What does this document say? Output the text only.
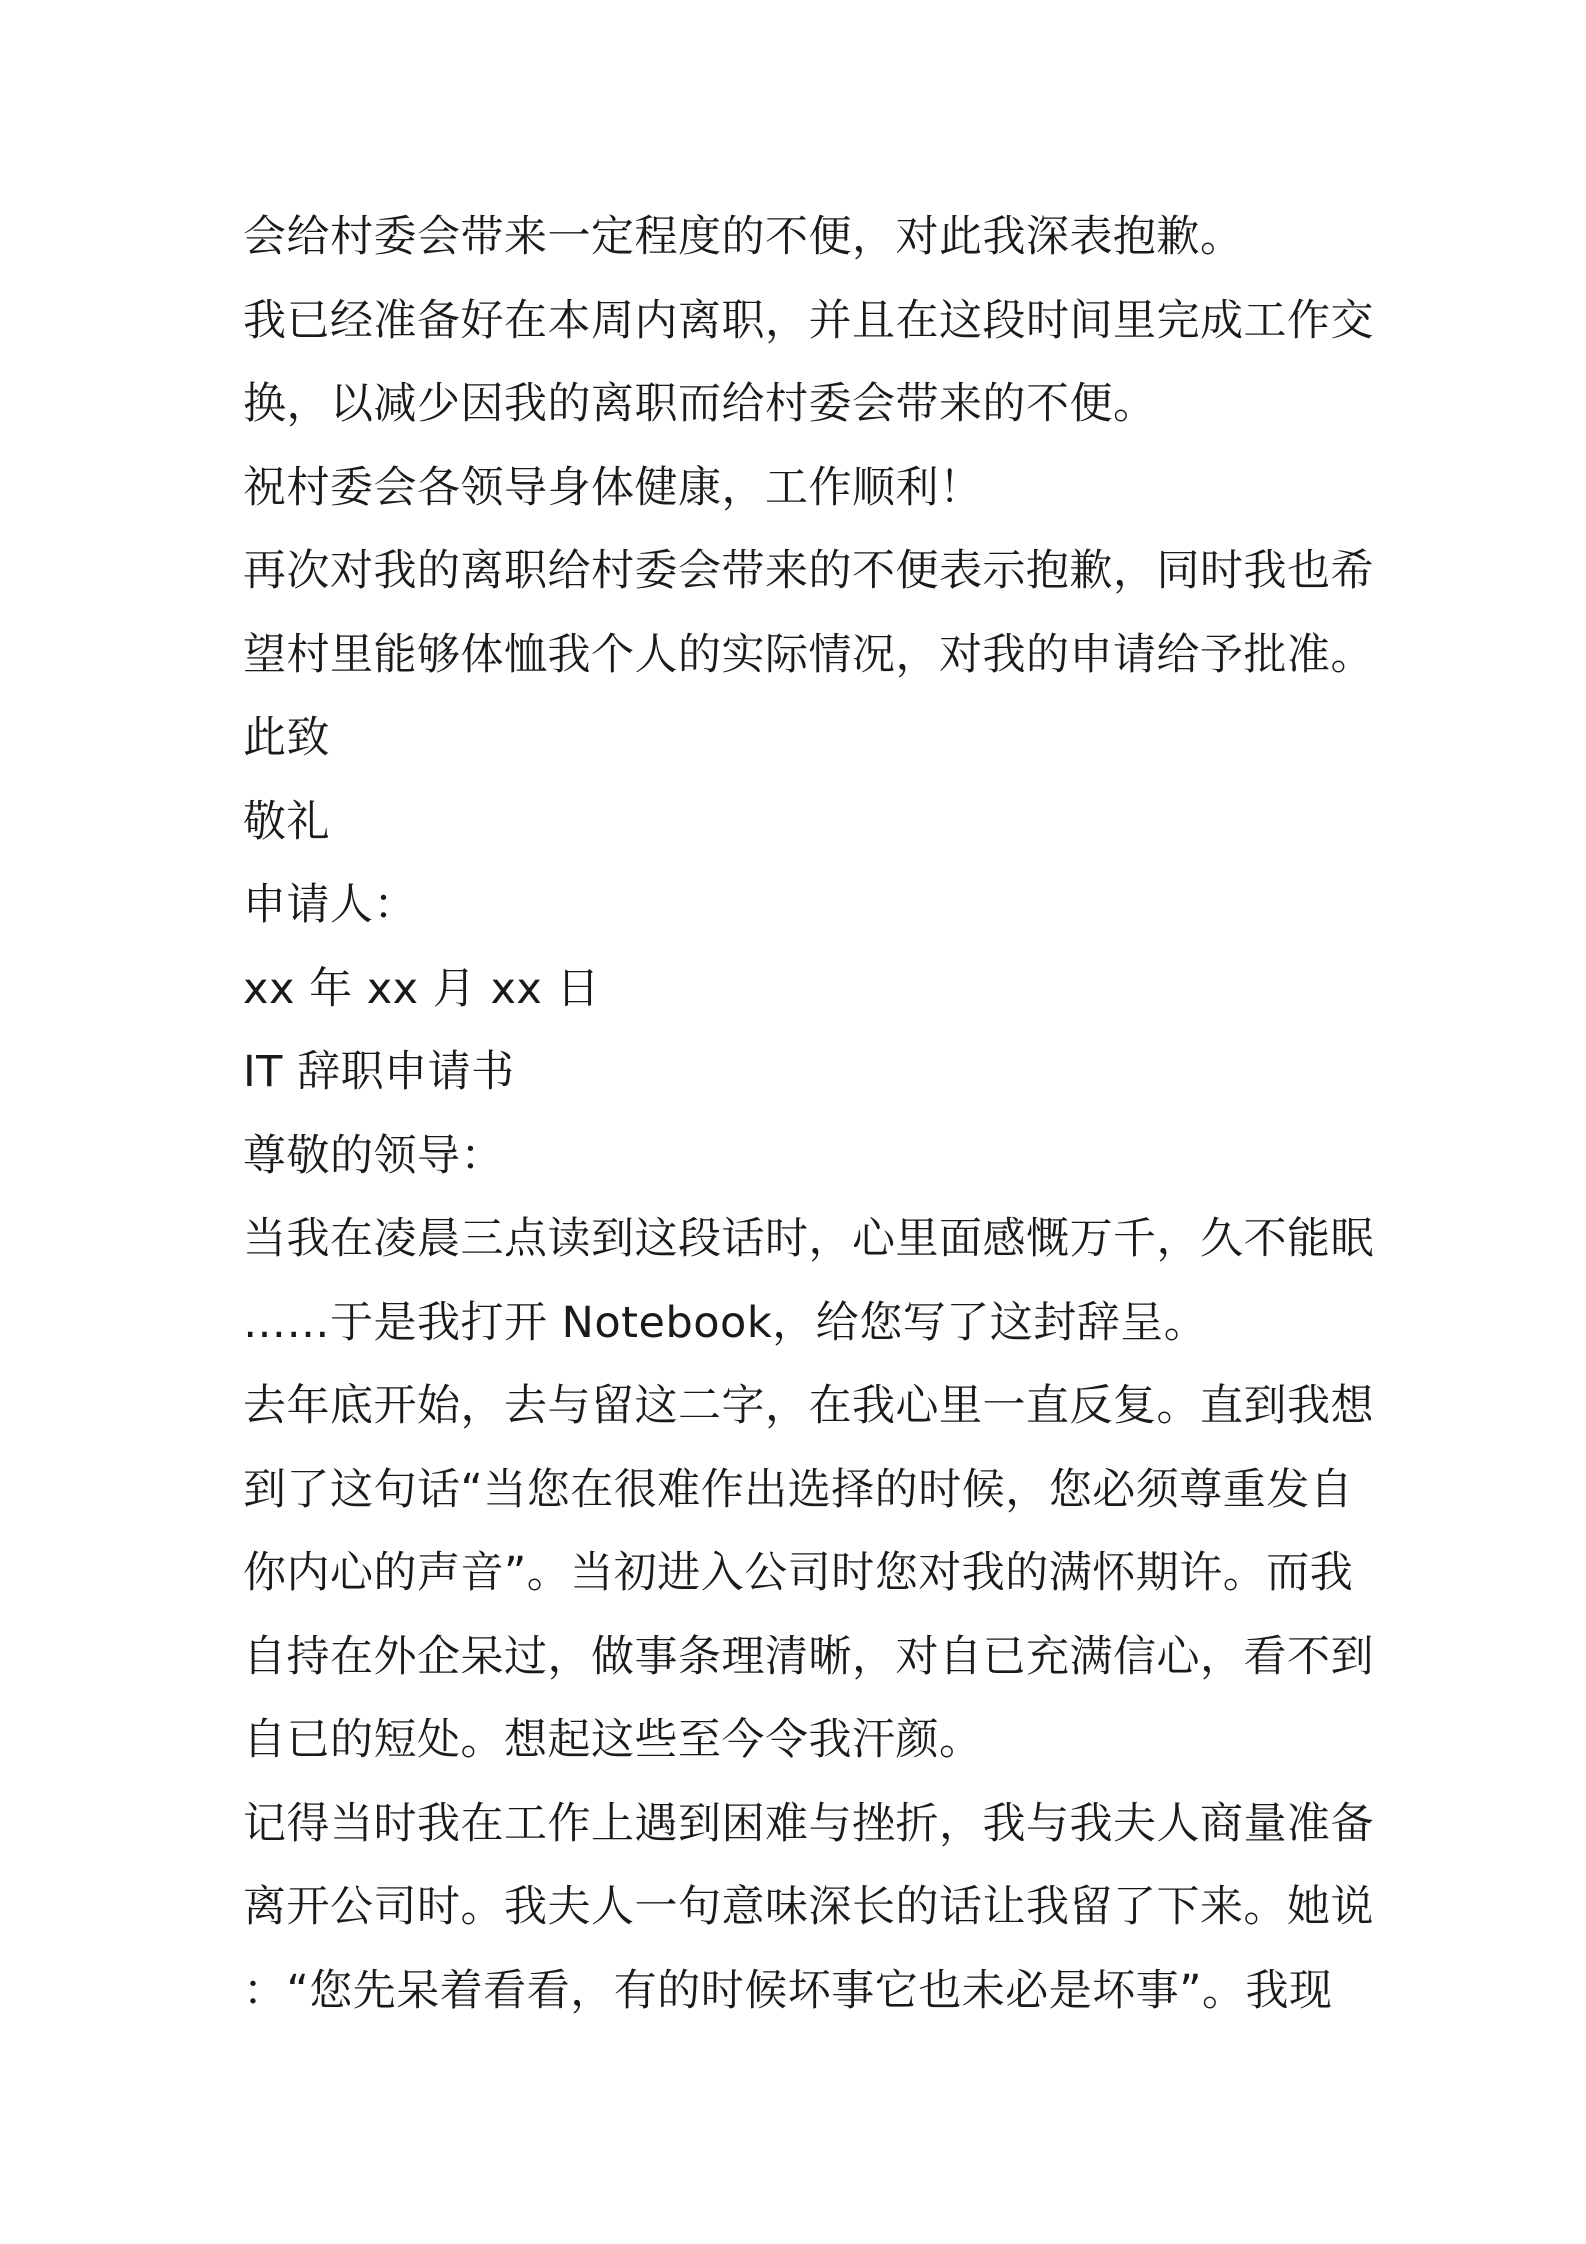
会给村委会带来一定程度的不便，对此我深表抱歉。
我已经准备好在本周内离职，并且在这段时间里完成工作交
换，以减少因我的离职而给村委会带来的不便。
祝村委会各领导身体健康，工作顺利！
再次对我的离职给村委会带来的不便表示抱歉，同时我也希
望村里能够体恤我个人的实际情况，对我的申请给予批准。
此致
敬礼
申请人：
xx 年 xx 月 xx 日
IT 辞职申请书
尊敬的领导：
当我在凌晨三点读到这段话时，心里面感慨万千，久不能眠
……于是我打开 Notebook，给您写了这封辞呈。
去年底开始，去与留这二字，在我心里一直反复。直到我想
到了这句话“当您在很难作出选择的时候，您必须尊重发自
你内心的声音”。当初进入公司时您对我的满怀期许。而我
自持在外企呆过，做事条理清晰，对自已充满信心，看不到
自已的短处。想起这些至今令我汗颜。
记得当时我在工作上遇到困难与挫折，我与我夫人商量准备
离开公司时。我夫人一句意味深长的话让我留了下来。她说
：“您先呆着看看，有的时候坏事它也未必是坏事”。我现
